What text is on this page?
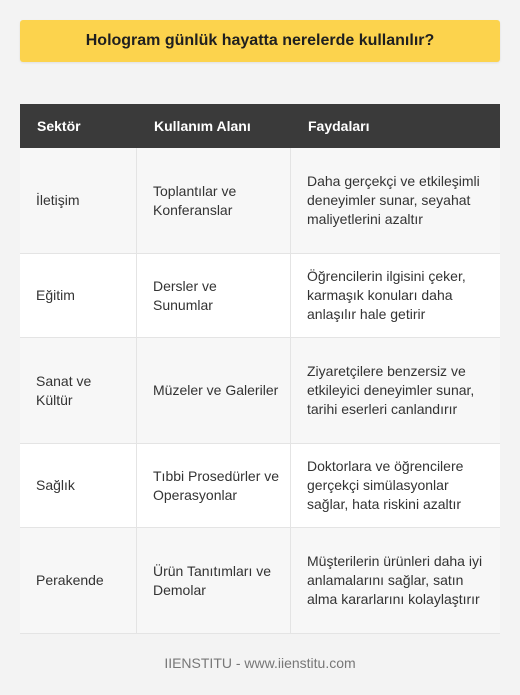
Hologram günlük hayatta nerelerde kullanılır?
Sektör	Kullanım Alanı	Faydaları
İletişim	Toplantılar ve Konferanslar	Daha gerçekçi ve etkileşimli deneyimler sunar, seyahat maliyetlerini azaltır
Eğitim	Dersler ve Sunumlar	Öğrencilerin ilgisini çeker, karmaşık konuları daha anlaşılır hale getirir
Sanat ve Kültür	Müzeler ve Galeriler	Ziyaretçilere benzersiz ve etkileyici deneyimler sunar, tarihi eserleri canlandırır
Sağlık	Tıbbi Prosedürler ve Operasyonlar	Doktorlara ve öğrencilere gerçekçi simülasyonlar sağlar, hata riskini azaltır
Perakende	Ürün Tanıtımları ve Demolar	Müşterilerin ürünleri daha iyi anlamalarını sağlar, satın alma kararlarını kolaylaştırır
IIENSTITU - www.iienstitu.com
